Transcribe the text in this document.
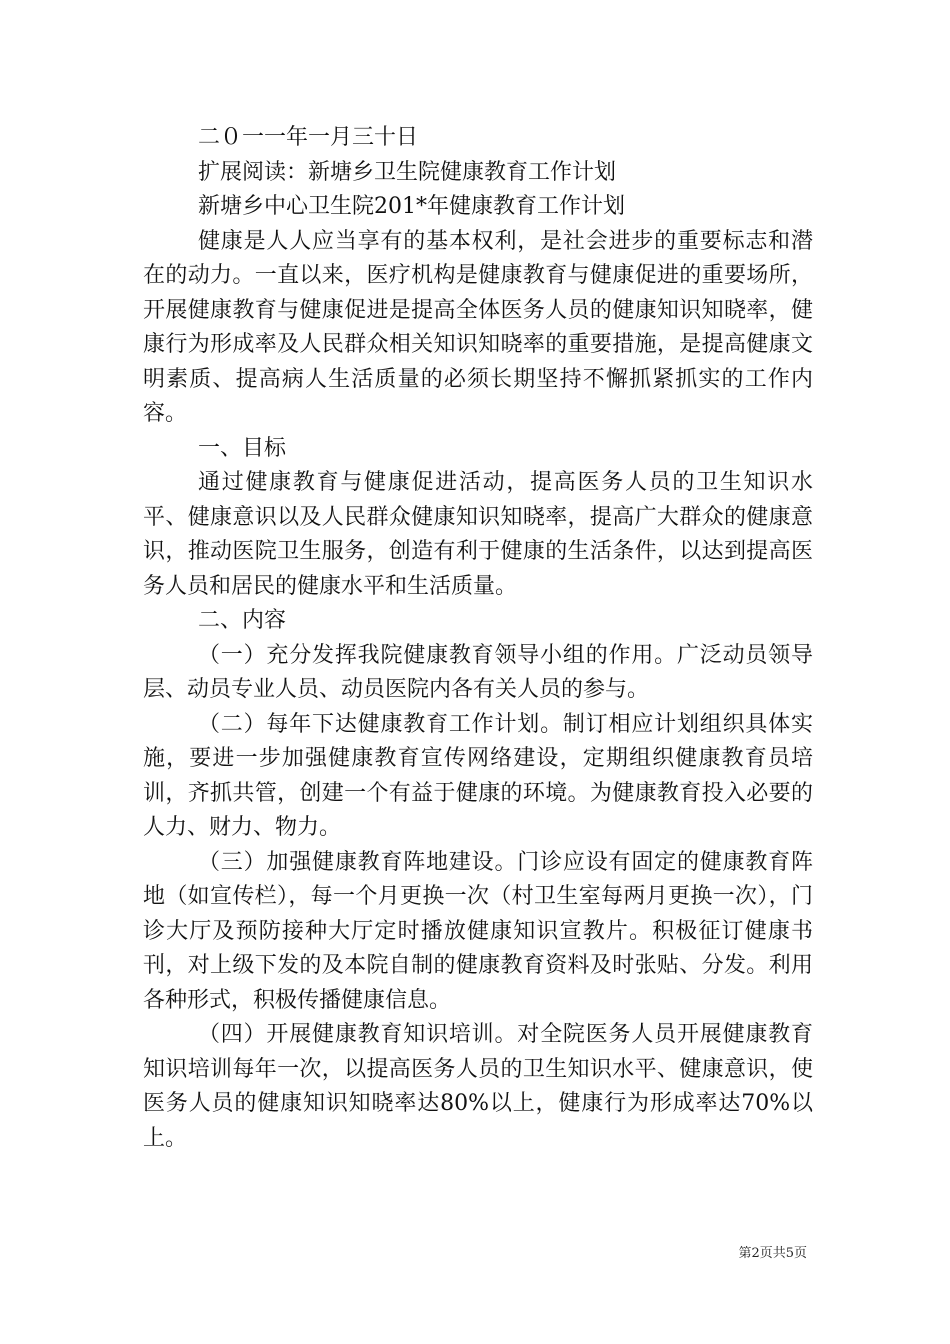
二０一一年一月三十日

扩展阅读：新塘乡卫生院健康教育工作计划

新塘乡中心卫生院201*年健康教育工作计划

健康是人人应当享有的基本权利，是社会进步的重要标志和潜在的动力。一直以来，医疗机构是健康教育与健康促进的重要场所，开展健康教育与健康促进是提高全体医务人员的健康知识知晓率，健康行为形成率及人民群众相关知识知晓率的重要措施，是提高健康文明素质、提高病人生活质量的必须长期坚持不懈抓紧抓实的工作内容。

一、目标

通过健康教育与健康促进活动，提高医务人员的卫生知识水平、健康意识以及人民群众健康知识知晓率，提高广大群众的健康意识，推动医院卫生服务，创造有利于健康的生活条件，以达到提高医务人员和居民的健康水平和生活质量。

二、内容

（一）充分发挥我院健康教育领导小组的作用。广泛动员领导层、动员专业人员、动员医院内各有关人员的参与。

（二）每年下达健康教育工作计划。制订相应计划组织具体实施，要进一步加强健康教育宣传网络建设，定期组织健康教育员培训，齐抓共管，创建一个有益于健康的环境。为健康教育投入必要的人力、财力、物力。

（三）加强健康教育阵地建设。门诊应设有固定的健康教育阵地（如宣传栏），每一个月更换一次（村卫生室每两月更换一次），门诊大厅及预防接种大厅定时播放健康知识宣教片。积极征订健康书刊，对上级下发的及本院自制的健康教育资料及时张贴、分发。利用各种形式，积极传播健康信息。

（四）开展健康教育知识培训。对全院医务人员开展健康教育知识培训每年一次，以提高医务人员的卫生知识水平、健康意识，使医务人员的健康知识知晓率达80%以上，健康行为形成率达70%以上。

第2页共5页
